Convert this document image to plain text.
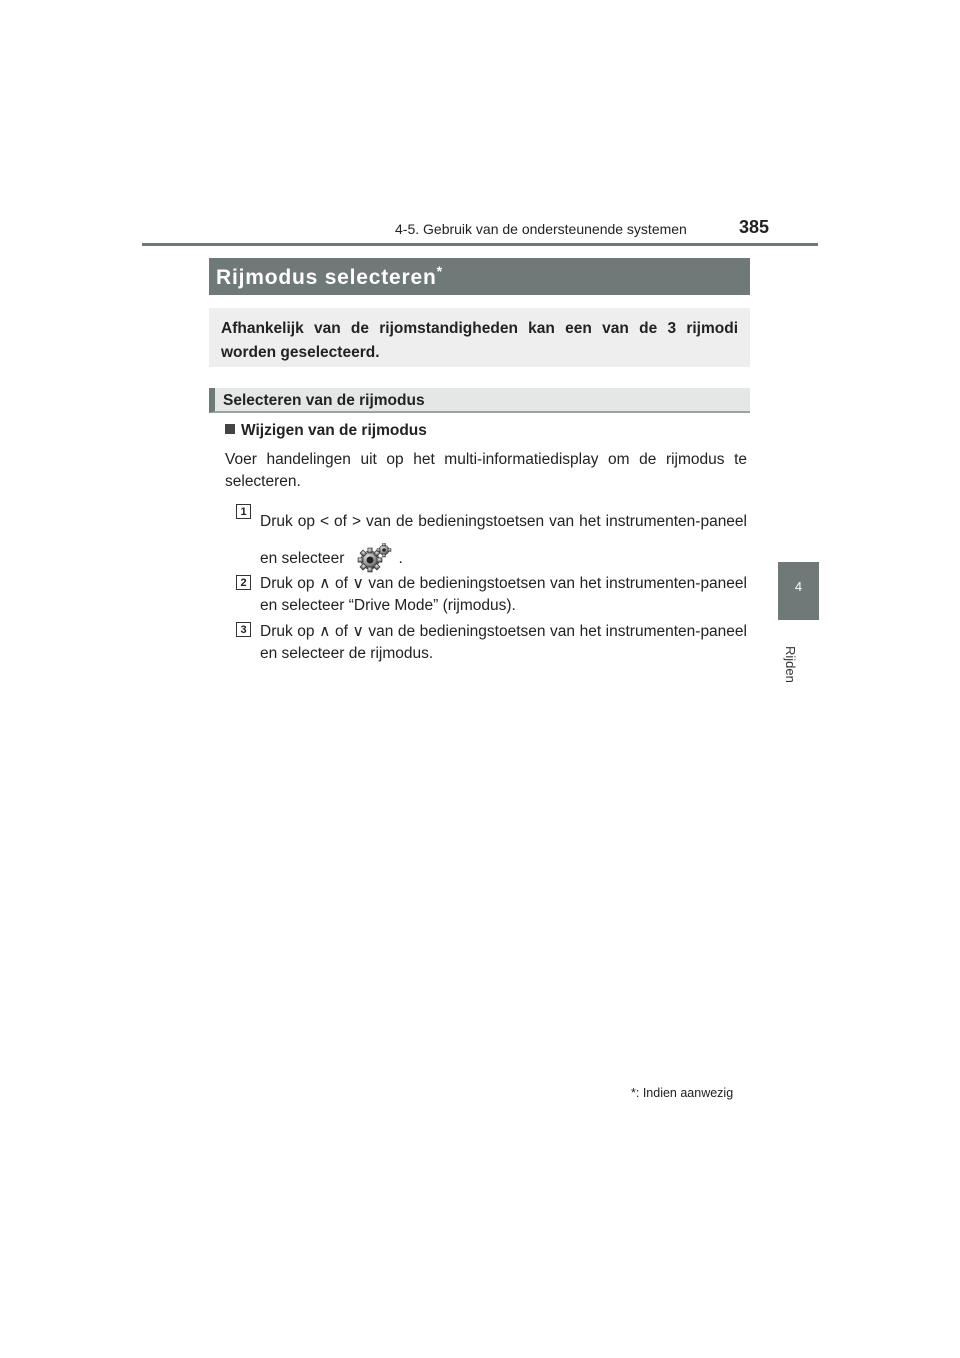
4-5. Gebruik van de ondersteunende systemen	385
4
Rijden
Rijmodus selecteren*
Afhankelijk van de rijomstandigheden kan een van de 3 rijmodi worden geselecteerd.
Selecteren van de rijmodus
Wijzigen van de rijmodus
Voer handelingen uit op het multi-informatiedisplay om de rijmodus te selecteren.
1
Druk op < of > van de bedieningstoetsen van het instrumenten-paneel en selecteer	.
2 Druk op ∧ of ∨ van de bedieningstoetsen van het instrumenten-paneel en selecteer “Drive Mode” (rijmodus).
3 Druk op ∧ of ∨ van de bedieningstoetsen van het instrumenten-paneel en selecteer de rijmodus.
*: Indien aanwezig
